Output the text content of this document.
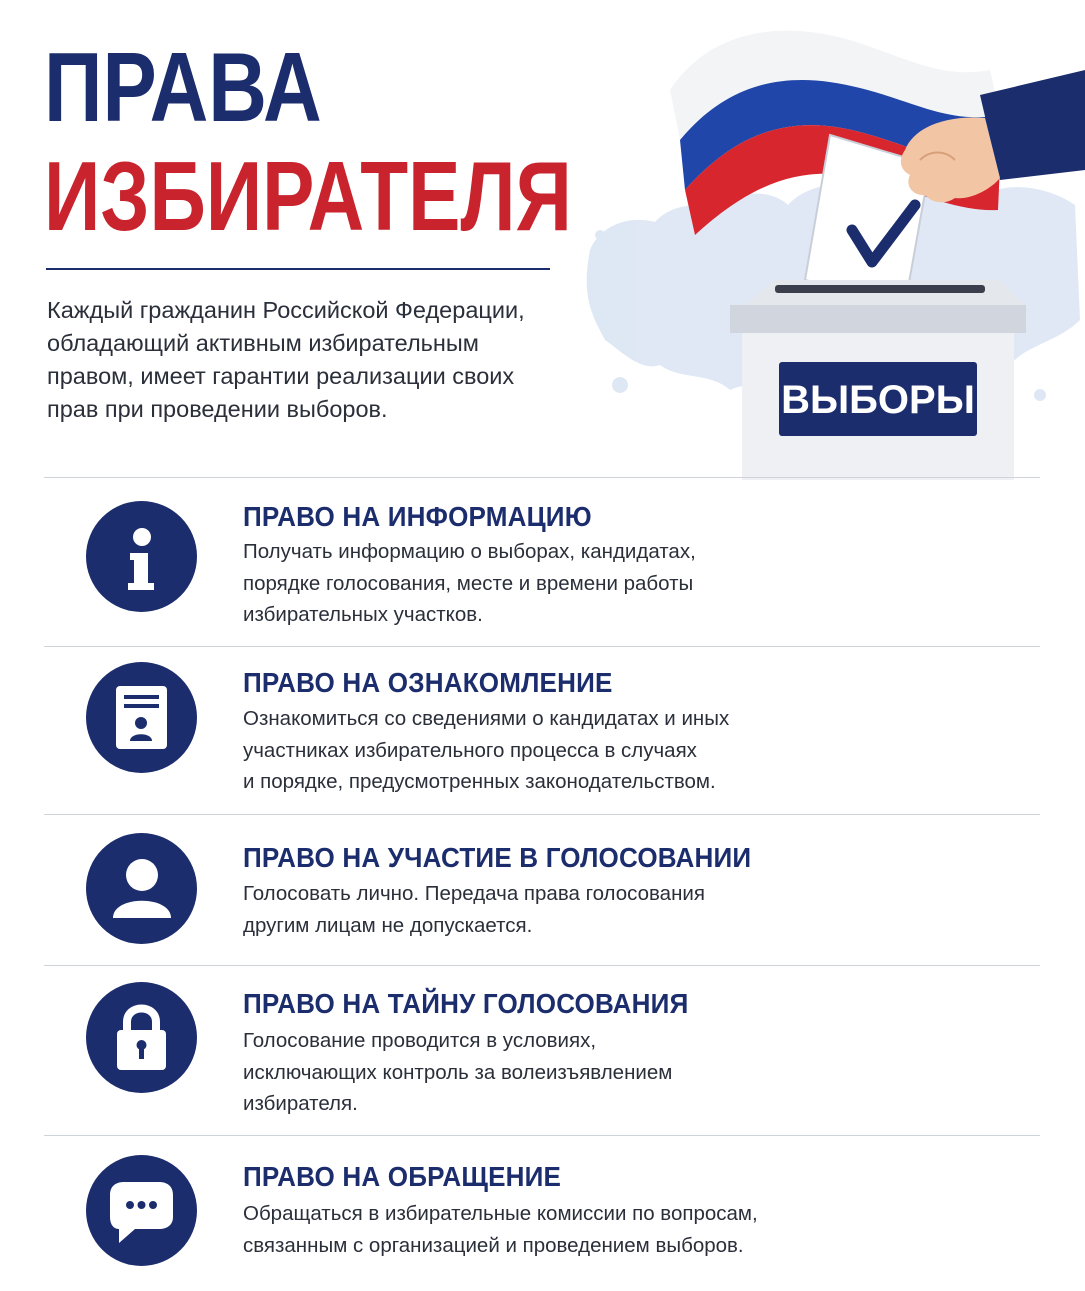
ПРАВА
ИЗБИРАТЕЛЯ

Каждый гражданин Российской Федерации, обладающий активным избирательным правом, имеет гарантии реализации своих прав при проведении выборов.	ВЫБОРЫ
ПРАВО НА ИНФОРМАЦИЮ

Получать информацию о выборах, кандидатах,
порядке голосования, месте и времени работы
избирательных участков.

ПРАВО НА ОЗНАКОМЛЕНИЕ

Ознакомиться со сведениями о кандидатах и иных
участниках избирательного процесса в случаях
и порядке, предусмотренных законодательством.

ПРАВО НА УЧАСТИЕ В ГОЛОСОВАНИИ

Голосовать лично. Передача права голосования
другим лицам не допускается.

ПРАВО НА ТАЙНУ ГОЛОСОВАНИЯ

Голосование проводится в условиях,
исключающих контроль за волеизъявлением
избирателя.

ПРАВО НА ОБРАЩЕНИЕ

Обращаться в избирательные комиссии по вопросам,
связанным с организацией и проведением выборов.
